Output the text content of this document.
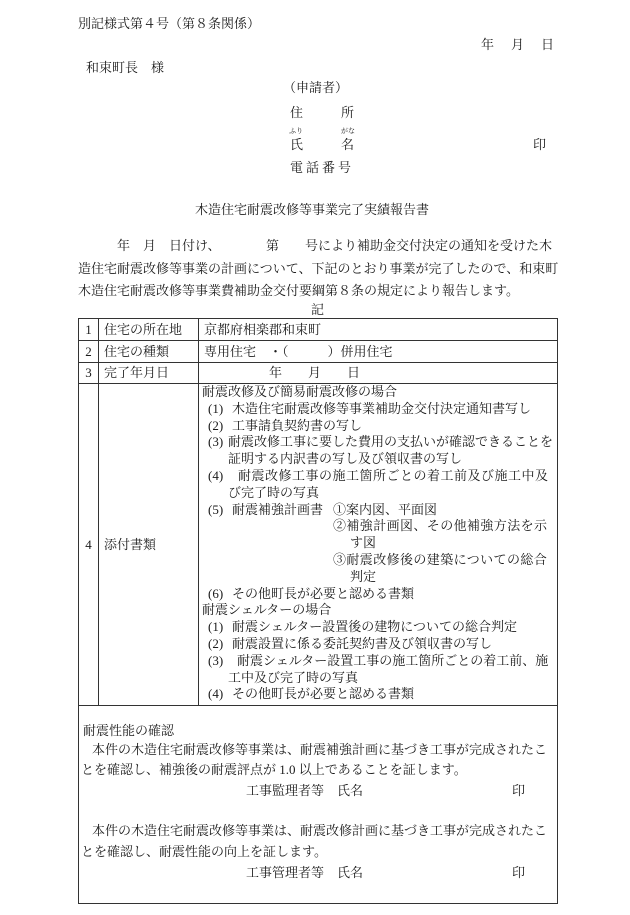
別記様式第４号（第８条関係）
年　月　日
和束町長　様
（申請者）
住　　所
ふり	がな
氏　　名	印
電話番号
木造住宅耐震改修等事業完了実績報告書
　　　年　月　日付け、　　　　第　　号により補助金交付決定の通知を受けた木
造住宅耐震改修等事業の計画について、下記のとおり事業が完了したので、和束町
木造住宅耐震改修等事業費補助金交付要綱第８条の規定により報告します。
記
1 住宅の所在地 京都府相楽郡和束町
2 住宅の種類	専用住宅　・（　　　）併用住宅
3 完了年月日	　　　　　年　　月　　日
4 添付書類
耐震改修及び簡易耐震改修の場合
(1) 木造住宅耐震改修等事業補助金交付決定通知書写し
(2) 工事請負契約書の写し
(3) 耐震改修工事に要した費用の支払いが確認できることを
証明する内訳書の写し及び領収書の写し
(4) 耐震改修工事の施工箇所ごとの着工前及び施工中及
び完了時の写真
(5) 耐震補強計画書 ①案内図、平面図
②補強計画図、その他補強方法を示
す図
③耐震改修後の建築についての総合
判定
(6) その他町長が必要と認める書類
耐震シェルターの場合
(1) 耐震シェルター設置後の建物についての総合判定
(2) 耐震設置に係る委託契約書及び領収書の写し
(3) 耐震シェルター設置工事の施工箇所ごとの着工前、施
工中及び完了時の写真
(4) その他町長が必要と認める書類
耐震性能の確認
　本件の木造住宅耐震改修等事業は、耐震補強計画に基づき工事が完成されたこ
とを確認し、補強後の耐震評点が 1.0 以上であることを証します。
工事監理者等　氏名	印
　本件の木造住宅耐震改修等事業は、耐震改修計画に基づき工事が完成されたこ
とを確認し、耐震性能の向上を証します。
工事管理者等　氏名	印
